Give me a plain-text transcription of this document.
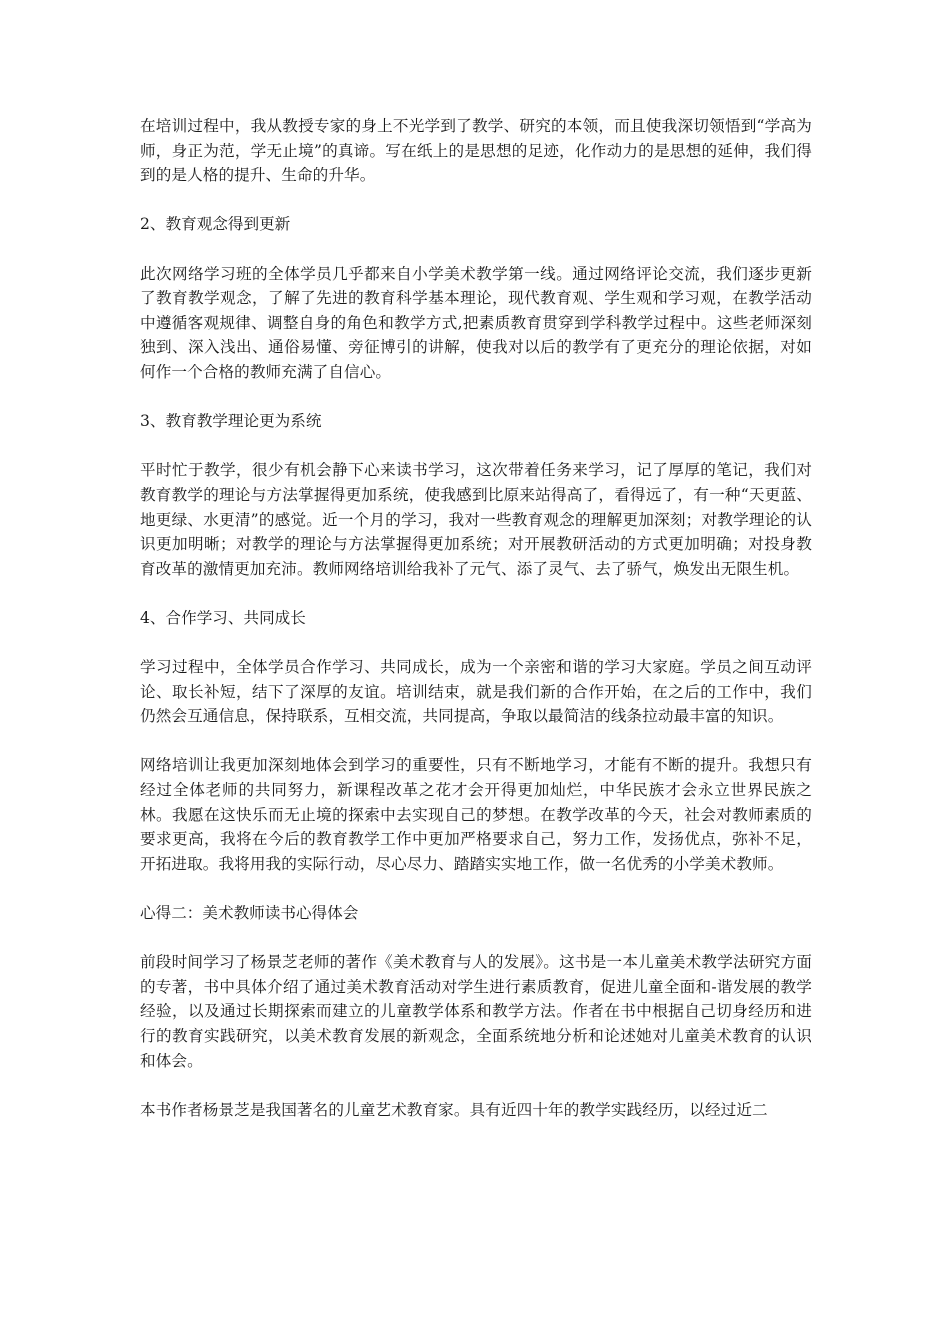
在培训过程中，我从教授专家的身上不光学到了教学、研究的本领，而且使我深切领悟到“学高为师，身正为范，学无止境”的真谛。写在纸上的是思想的足迹，化作动力的是思想的延伸，我们得到的是人格的提升、生命的升华。

2、教育观念得到更新

此次网络学习班的全体学员几乎都来自小学美术教学第一线。通过网络评论交流，我们逐步更新了教育教学观念，了解了先进的教育科学基本理论，现代教育观、学生观和学习观，在教学活动中遵循客观规律、调整自身的角色和教学方式,把素质教育贯穿到学科教学过程中。这些老师深刻独到、深入浅出、通俗易懂、旁征博引的讲解，使我对以后的教学有了更充分的理论依据，对如何作一个合格的教师充满了自信心。

3、教育教学理论更为系统

平时忙于教学，很少有机会静下心来读书学习，这次带着任务来学习，记了厚厚的笔记，我们对教育教学的理论与方法掌握得更加系统，使我感到比原来站得高了，看得远了，有一种“天更蓝、地更绿、水更清”的感觉。近一个月的学习，我对一些教育观念的理解更加深刻；对教学理论的认识更加明晰；对教学的理论与方法掌握得更加系统；对开展教研活动的方式更加明确；对投身教育改革的激情更加充沛。教师网络培训给我补了元气、添了灵气、去了骄气，焕发出无限生机。

4、合作学习、共同成长

学习过程中，全体学员合作学习、共同成长，成为一个亲密和谐的学习大家庭。学员之间互动评论、取长补短，结下了深厚的友谊。培训结束，就是我们新的合作开始，在之后的工作中，我们仍然会互通信息，保持联系，互相交流，共同提高，争取以最简洁的线条拉动最丰富的知识。

网络培训让我更加深刻地体会到学习的重要性，只有不断地学习，才能有不断的提升。我想只有经过全体老师的共同努力，新课程改革之花才会开得更加灿烂，中华民族才会永立世界民族之林。我愿在这快乐而无止境的探索中去实现自己的梦想。在教学改革的今天，社会对教师素质的要求更高，我将在今后的教育教学工作中更加严格要求自己，努力工作，发扬优点，弥补不足，开拓进取。我将用我的实际行动，尽心尽力、踏踏实实地工作，做一名优秀的小学美术教师。

心得二：美术教师读书心得体会

前段时间学习了杨景芝老师的著作《美术教育与人的发展》。这书是一本儿童美术教学法研究方面的专著，书中具体介绍了通过美术教育活动对学生进行素质教育，促进儿童全面和-谐发展的教学经验，以及通过长期探索而建立的儿童教学体系和教学方法。作者在书中根据自己切身经历和进行的教育实践研究，以美术教育发展的新观念，全面系统地分析和论述她对儿童美术教育的认识和体会。

本书作者杨景芝是我国著名的儿童艺术教育家。具有近四十年的教学实践经历，以经过近二
